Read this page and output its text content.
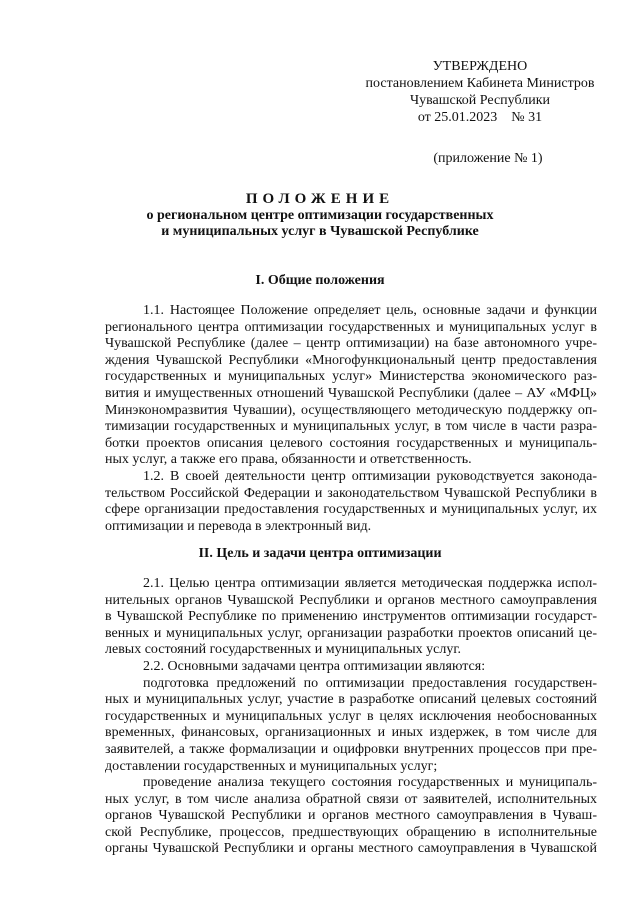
УТВЕРЖДЕНО
постановлением Кабинета Министров
Чувашской Республики
от 25.01.2023    № 31
(приложение № 1)
ПОЛОЖЕНИЕ
о региональном центре оптимизации государственных
и муниципальных услуг в Чувашской Республике
I. Общие положения
1.1. Настоящее Положение определяет цель, основные задачи и функции
регионального центра оптимизации государственных и муниципальных услуг в
Чувашской Республике (далее – центр оптимизации) на базе автономного учре-
ждения Чувашской Республики «Многофункциональный центр предоставления
государственных и муниципальных услуг» Министерства экономического раз-
вития и имущественных отношений Чувашской Республики (далее – АУ «МФЦ»
Минэкономразвития Чувашии), осуществляющего методическую поддержку оп-
тимизации государственных и муниципальных услуг, в том числе в части разра-
ботки проектов описания целевого состояния государственных и муниципаль-
ных услуг, а также его права, обязанности и ответственность.
1.2. В своей деятельности центр оптимизации руководствуется законода-
тельством Российской Федерации и законодательством Чувашской Республики в
сфере организации предоставления государственных и муниципальных услуг, их
оптимизации и перевода в электронный вид.
II. Цель и задачи центра оптимизации
2.1. Целью центра оптимизации является методическая поддержка испол-
нительных органов Чувашской Республики и органов местного самоуправления
в Чувашской Республике по применению инструментов оптимизации государст-
венных и муниципальных услуг, организации разработки проектов описаний це-
левых состояний государственных и муниципальных услуг.
2.2. Основными задачами центра оптимизации являются:
подготовка предложений по оптимизации предоставления государствен-
ных и муниципальных услуг, участие в разработке описаний целевых состояний
государственных и муниципальных услуг в целях исключения необоснованных
временных, финансовых, организационных и иных издержек, в том числе для
заявителей, а также формализации и оцифровки внутренних процессов при пре-
доставлении государственных и муниципальных услуг;
проведение анализа текущего состояния государственных и муниципаль-
ных услуг, в том числе анализа обратной связи от заявителей, исполнительных
органов Чувашской Республики и органов местного самоуправления в Чуваш-
ской Республике, процессов, предшествующих обращению в исполнительные
органы Чувашской Республики и органы местного самоуправления в Чувашской
